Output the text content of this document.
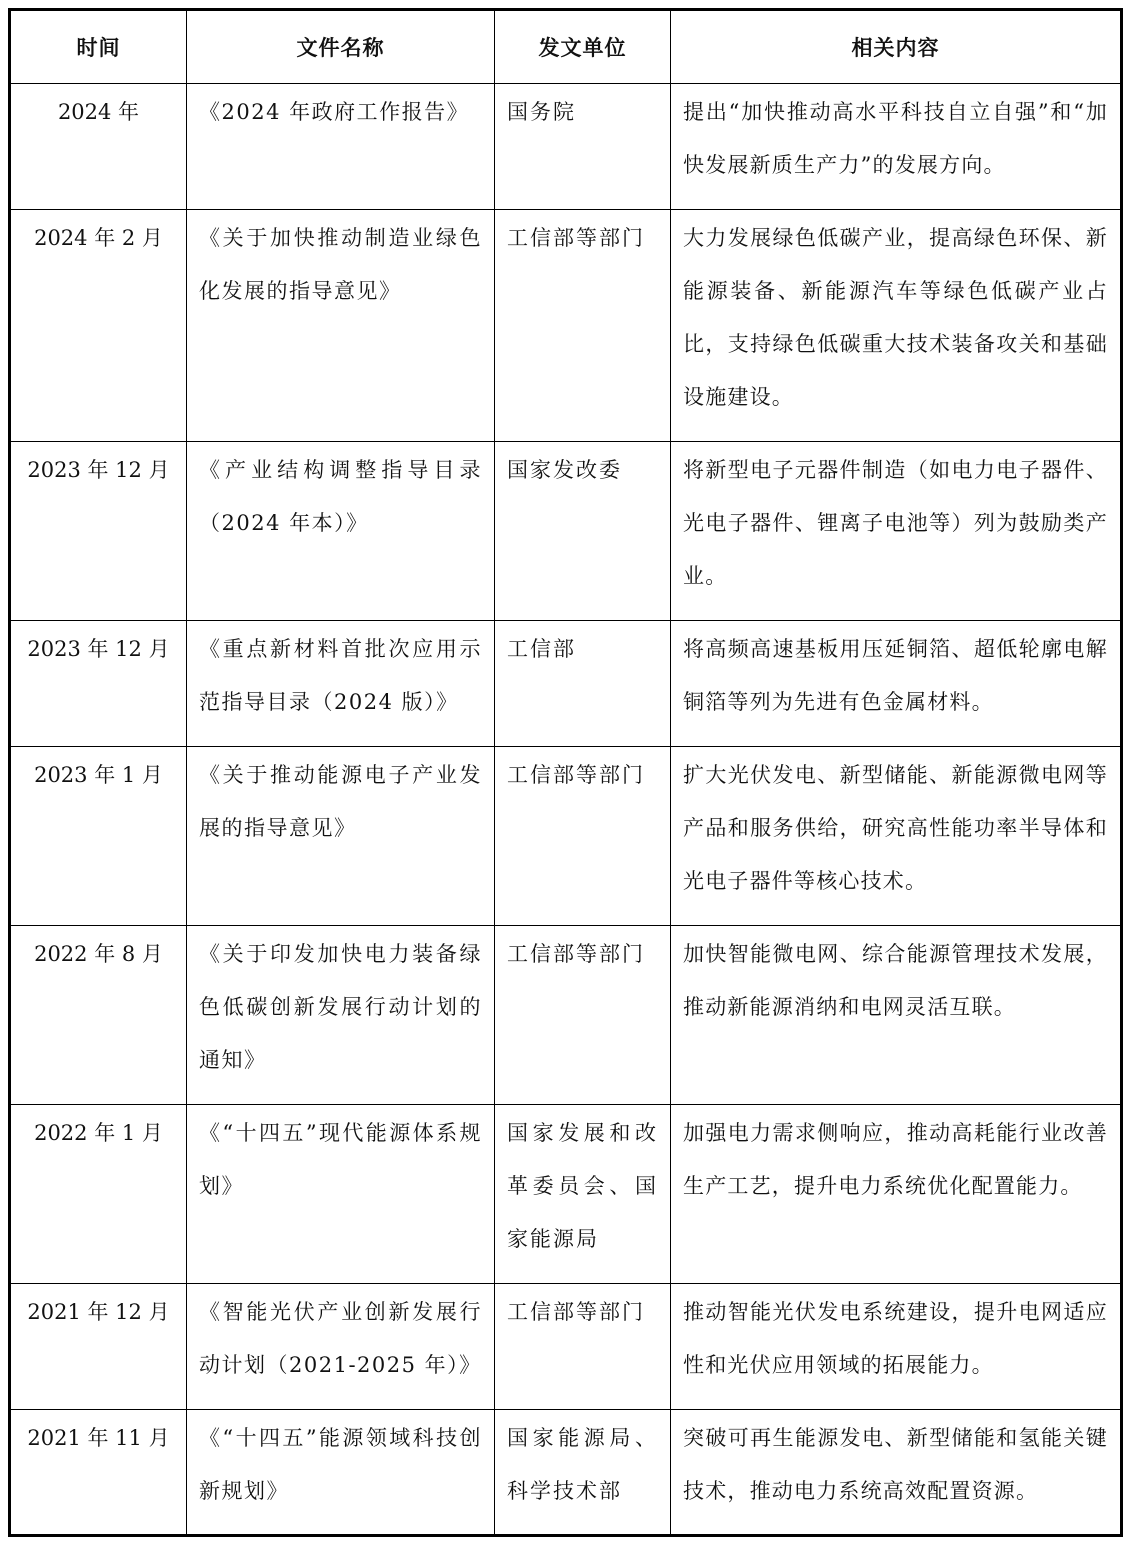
时间	文件名称	发文单位	相关内容

2024 年	《2024 年政府工作报告》	国务院	提出“加快推动高水平科技自立自强”和“加快发展新质生产力”的发展方向。

2024 年 2 月	《关于加快推动制造业绿色化发展的指导意见》	工信部等部门	大力发展绿色低碳产业，提高绿色环保、新能源装备、新能源汽车等绿色低碳产业占比，支持绿色低碳重大技术装备攻关和基础设施建设。

2023 年 12 月	《产业结构调整指导目录（2024 年本）》	国家发改委	将新型电子元器件制造（如电力电子器件、光电子器件、锂离子电池等）列为鼓励类产业。

2023 年 12 月	《重点新材料首批次应用示范指导目录（2024 版）》	工信部	将高频高速基板用压延铜箔、超低轮廓电解铜箔等列为先进有色金属材料。

2023 年 1 月	《关于推动能源电子产业发展的指导意见》	工信部等部门	扩大光伏发电、新型储能、新能源微电网等产品和服务供给，研究高性能功率半导体和光电子器件等核心技术。

2022 年 8 月	《关于印发加快电力装备绿色低碳创新发展行动计划的通知》	工信部等部门	加快智能微电网、综合能源管理技术发展，推动新能源消纳和电网灵活互联。

2022 年 1 月	《“十四五”现代能源体系规划》	国家发展和改革委员会、国家能源局	加强电力需求侧响应，推动高耗能行业改善生产工艺，提升电力系统优化配置能力。

2021 年 12 月	《智能光伏产业创新发展行动计划（2021-2025 年）》	工信部等部门	推动智能光伏发电系统建设，提升电网适应性和光伏应用领域的拓展能力。

2021 年 11 月	《“十四五”能源领域科技创新规划》	国家能源局、科学技术部	突破可再生能源发电、新型储能和氢能关键技术，推动电力系统高效配置资源。
